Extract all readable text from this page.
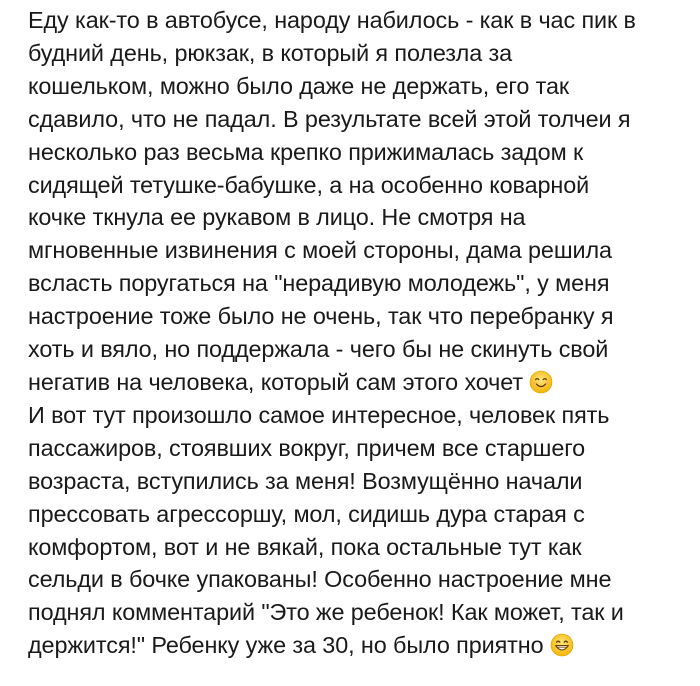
Еду как-то в автобусе, народу набилось - как в час пик в
будний день, рюкзак, в который я полезла за
кошельком, можно было даже не держать, его так
сдавило, что не падал. В результате всей этой толчеи я
несколько раз весьма крепко прижималась задом к
сидящей тетушке-бабушке, а на особенно коварной
кочке ткнула ее рукавом в лицо. Не смотря на
мгновенные извинения с моей стороны, дама решила
всласть поругаться на "нерадивую молодежь", у меня
настроение тоже было не очень, так что перебранку я
хоть и вяло, но поддержала - чего бы не скинуть свой
негатив на человека, который сам этого хочет
И вот тут произошло самое интересное, человек пять
пассажиров, стоявших вокруг, причем все старшего
возраста, вступились за меня! Возмущённо начали
прессовать агрессоршу, мол, сидишь дура старая с
комфортом, вот и не вякай, пока остальные тут как
сельди в бочке упакованы! Особенно настроение мне
поднял комментарий "Это же ребенок! Как может, так и
держится!" Ребенку уже за 30, но было приятно
